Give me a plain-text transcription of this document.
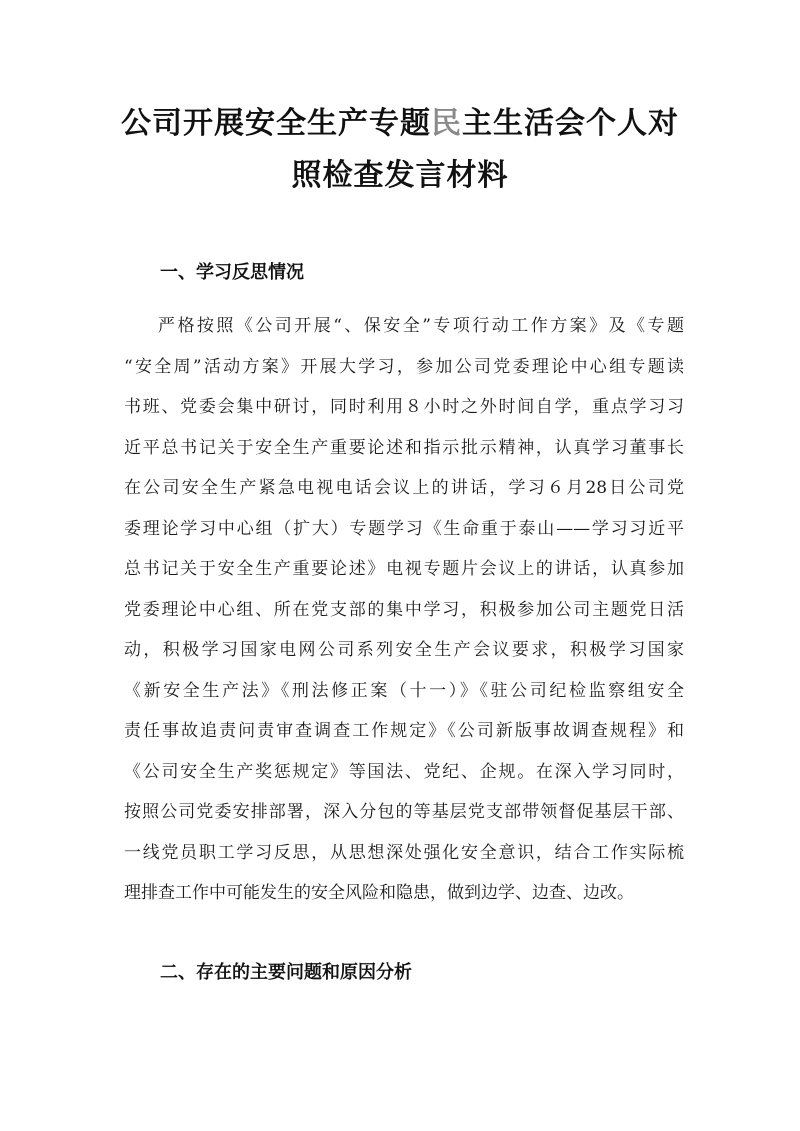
公司开展安全生产专题民主生活会个人对
照检查发言材料
一、学习反思情况
严格按照《公司开展“、保安全”专项行动工作方案》及《专题
“安全周”活动方案》开展大学习，参加公司党委理论中心组专题读
书班、党委会集中研讨，同时利用８小时之外时间自学，重点学习习
近平总书记关于安全生产重要论述和指示批示精神，认真学习董事长
在公司安全生产紧急电视电话会议上的讲话，学习６月28日公司党
委理论学习中心组（扩大）专题学习《生命重于泰山——学习习近平
总书记关于安全生产重要论述》电视专题片会议上的讲话，认真参加
党委理论中心组、所在党支部的集中学习，积极参加公司主题党日活
动，积极学习国家电网公司系列安全生产会议要求，积极学习国家
《新安全生产法》《刑法修正案（十一）》《驻公司纪检监察组安全
责任事故追责问责审查调查工作规定》《公司新版事故调查规程》和
《公司安全生产奖惩规定》等国法、党纪、企规。在深入学习同时，
按照公司党委安排部署，深入分包的等基层党支部带领督促基层干部、
一线党员职工学习反思，从思想深处强化安全意识，结合工作实际梳
理排查工作中可能发生的安全风险和隐患，做到边学、边查、边改。
二、存在的主要问题和原因分析
